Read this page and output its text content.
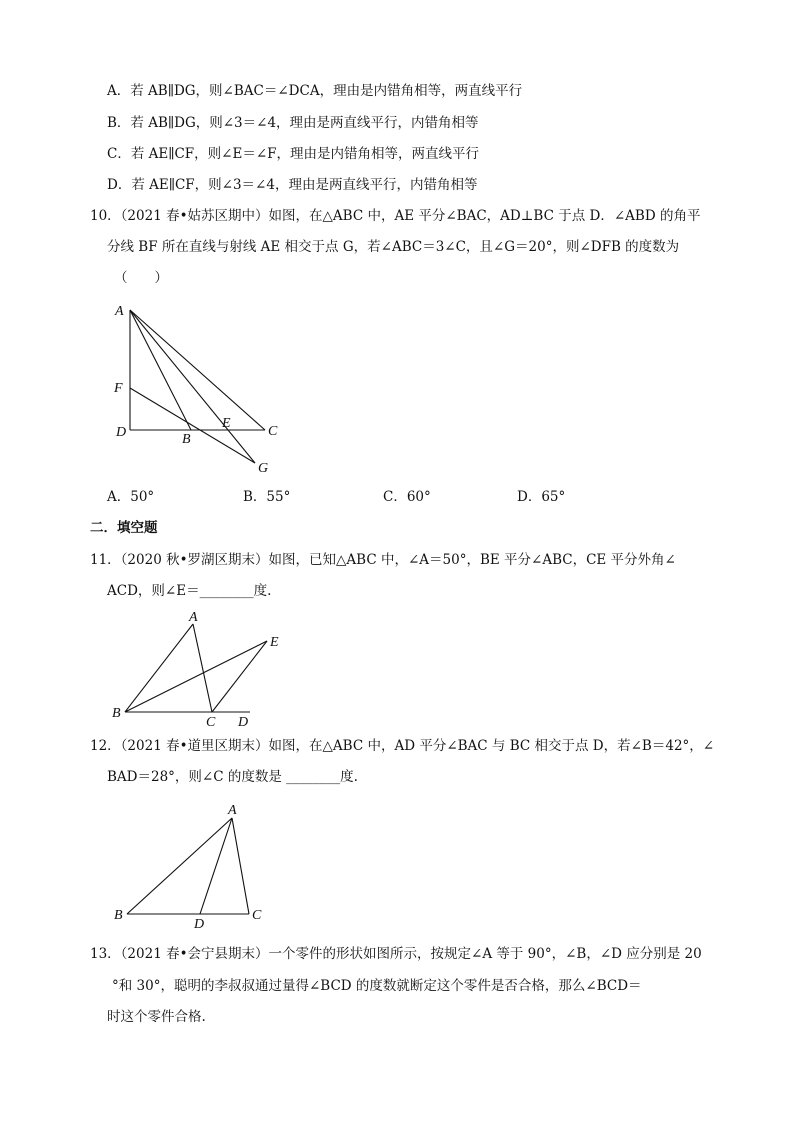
A．若 AB∥DG，则∠BAC＝∠DCA，理由是内错角相等，两直线平行
B．若 AB∥DG，则∠3＝∠4，理由是两直线平行，内错角相等
C．若 AE∥CF，则∠E＝∠F，理由是内错角相等，两直线平行
D．若 AE∥CF，则∠3＝∠4，理由是两直线平行，内错角相等
10．（2021 春•姑苏区期中）如图，在△ABC 中，AE 平分∠BAC，AD⊥BC 于点 D．∠ABD 的角平
分线 BF 所在直线与射线 AE 相交于点 G，若∠ABC＝3∠C，且∠G＝20°，则∠DFB 的度数为
（　　）
A
F
D	B
E
C
G
A．50°	B．55°	C．60°	D．65°
二．填空题
11．（2020 秋•罗湖区期末）如图，已知△ABC 中，∠A＝50°，BE 平分∠ABC，CE 平分外角∠
ACD，则∠E＝________度.
A
E
B
C D
12．（2021 春•道里区期末）如图，在△ABC 中，AD 平分∠BAC 与 BC 相交于点 D，若∠B＝42°，∠
BAD＝28°，则∠C 的度数是 ________度.
A
B
D
C
13．（2021 春•会宁县期末）一个零件的形状如图所示，按规定∠A 等于 90°，∠B，∠D 应分别是 20
°和 30°，聪明的李叔叔通过量得∠BCD 的度数就断定这个零件是否合格，那么∠BCD＝
时这个零件合格.
